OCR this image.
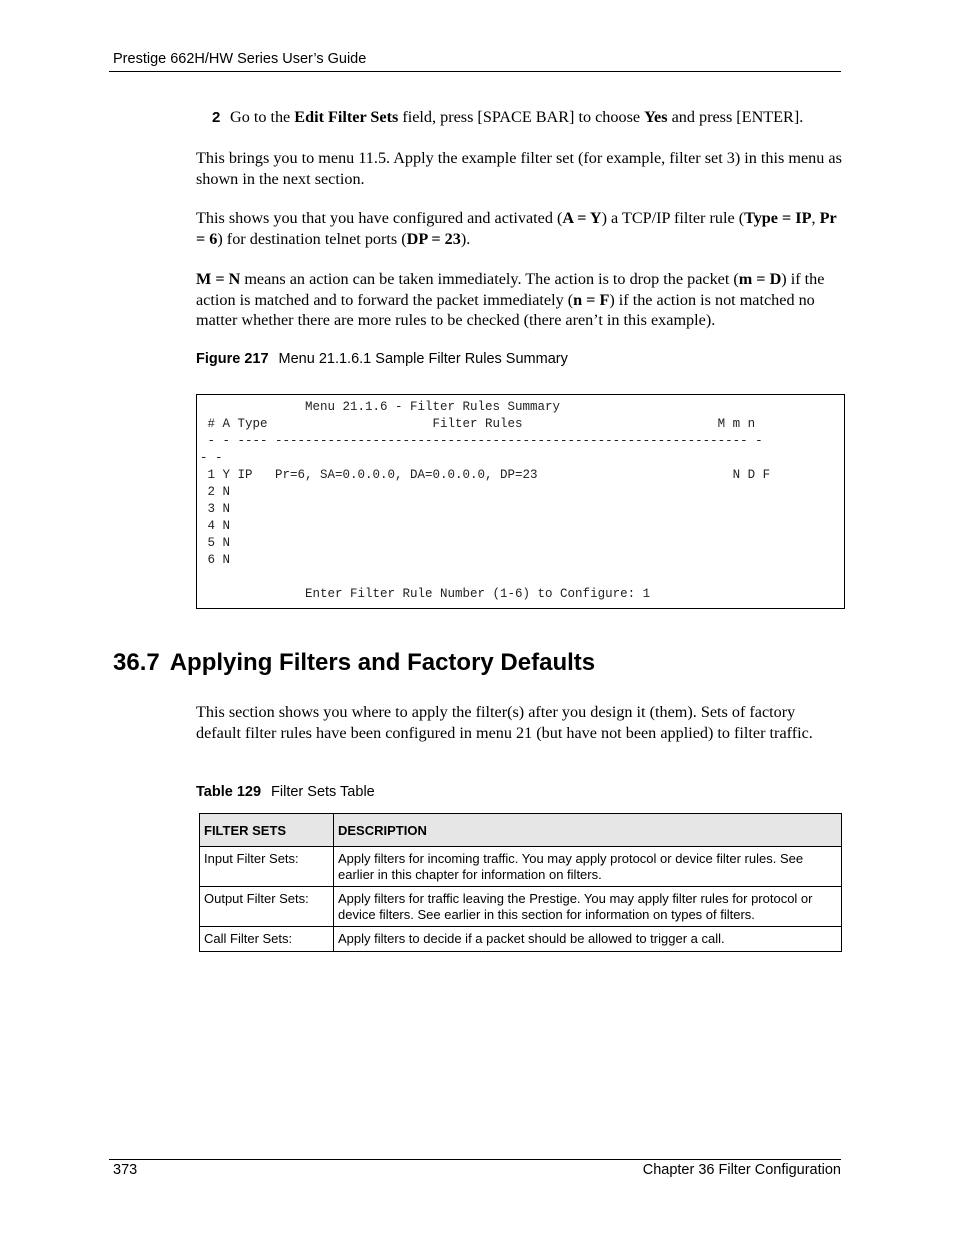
Prestige 662H/HW Series User’s Guide

2 Go to the Edit Filter Sets field, press [SPACE BAR] to choose Yes and press [ENTER].

This brings you to menu 11.5. Apply the example filter set (for example, filter set 3) in this menu as shown in the next section.

This shows you that you have configured and activated (A = Y) a TCP/IP filter rule (Type = IP, Pr = 6) for destination telnet ports (DP = 23).

M = N means an action can be taken immediately. The action is to drop the packet (m = D) if the action is matched and to forward the packet immediately (n = F) if the action is not matched no matter whether there are more rules to be checked (there aren’t in this example).

Figure 217 Menu 21.1.6.1 Sample Filter Rules Summary
Menu 21.1.6 - Filter Rules Summary
# A Type                      Filter Rules                          M m n
- - ---- --------------------------------------------------------------- -
- -
1 Y IP   Pr=6, SA=0.0.0.0, DA=0.0.0.0, DP=23                          N D F
2 N
3 N
4 N
5 N
6 N

Enter Filter Rule Number (1-6) to Configure: 1
36.7 Applying Filters and Factory Defaults

This section shows you where to apply the filter(s) after you design it (them). Sets of factory default filter rules have been configured in menu 21 (but have not been applied) to filter traffic.

Table 129 Filter Sets Table
FILTER SETS	DESCRIPTION
Input Filter Sets:	Apply filters for incoming traffic. You may apply protocol or device filter rules. See earlier in this chapter for information on filters.
Output Filter Sets:	Apply filters for traffic leaving the Prestige. You may apply filter rules for protocol or device filters. See earlier in this section for information on types of filters.
Call Filter Sets:	Apply filters to decide if a packet should be allowed to trigger a call.
373	Chapter 36 Filter Configuration
